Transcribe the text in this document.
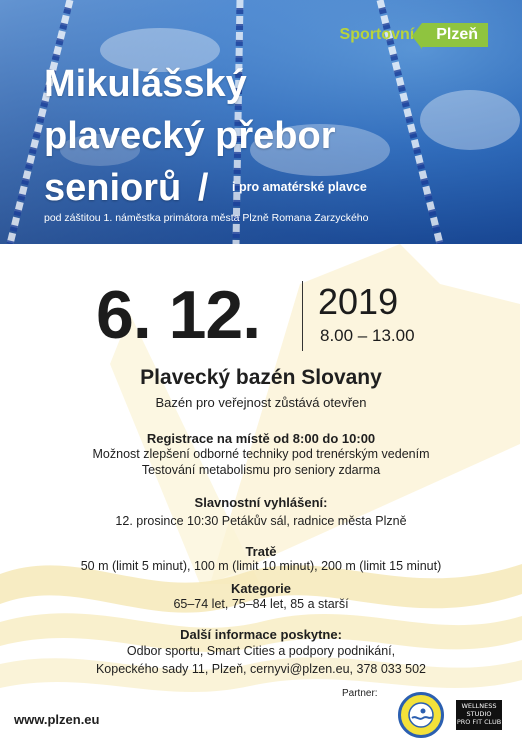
Sportovní	Plzeň
Mikulášský
plavecký přebor
seniorů /	i pro amatérské plavce
pod záštitou 1. náměstka primátora města Plzně Romana Zarzyckého
6. 12. 2019
8.00 – 13.00
Plavecký bazén Slovany
Bazén pro veřejnost zůstává otevřen
Registrace na místě od 8:00 do 10:00
Možnost zlepšení odborné techniky pod trenérským vedením
Testování metabolismu pro seniory zdarma
Slavnostní vyhlášení:
12. prosince 10:30 Petákův sál, radnice města Plzně
Tratě
50 m (limit 5 minut), 100 m (limit 10 minut), 200 m (limit 15 minut)
Kategorie
65–74 let, 75–84 let, 85 a starší
Další informace poskytne:
Odbor sportu, Smart Cities a podpory podnikání,
Kopeckého sady 11, Plzeň, cernyvi@plzen.eu, 378 033 502
www.plzen.eu
Partner:
WELLNESS
STUDIO
PRO FIT CLUB
